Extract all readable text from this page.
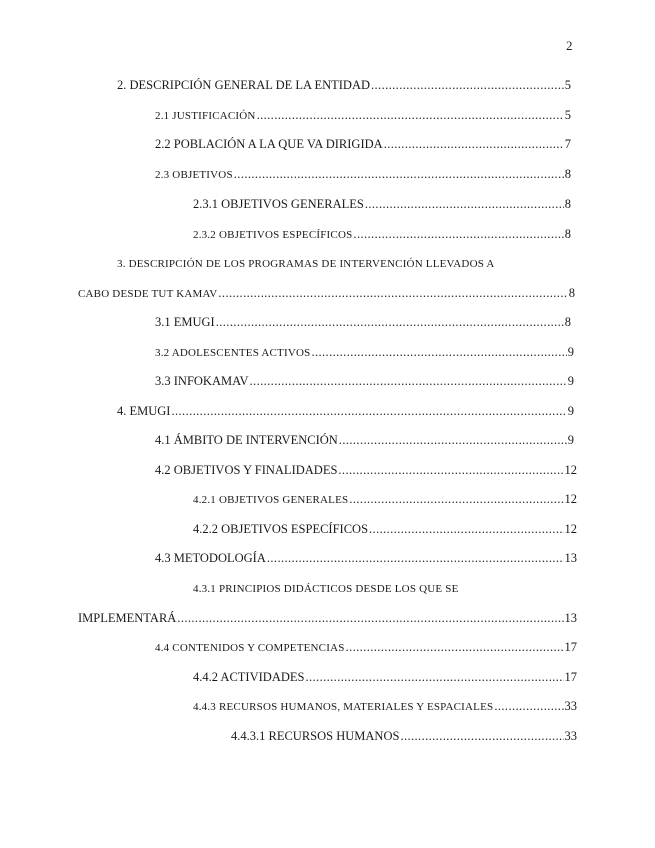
2
2. DESCRIPCIÓN GENERAL DE LA ENTIDAD .....	5
2.1 JUSTIFICACIÓN .....	5
2.2 POBLACIÓN A LA QUE VA DIRIGIDA .....	7
2.3 OBJETIVOS .....	8
2.3.1 OBJETIVOS GENERALES .....	8
2.3.2 OBJETIVOS ESPECÍFICOS .....	8
3. DESCRIPCIÓN DE LOS PROGRAMAS DE INTERVENCIÓN LLEVADOS A
CABO DESDE TUT KAMAV .....	8
3.1 EMUGI .....	8
3.2 ADOLESCENTES ACTIVOS .....	9
3.3 INFOKAMAV .....	9
4. EMUGI .....	9
4.1 ÁMBITO DE INTERVENCIÓN .....	9
4.2 OBJETIVOS Y FINALIDADES .....	12
4.2.1 OBJETIVOS GENERALES .....	12
4.2.2 OBJETIVOS ESPECÍFICOS .....	12
4.3 METODOLOGÍA .....	13
4.3.1 PRINCIPIOS DIDÁCTICOS DESDE LOS QUE SE
IMPLEMENTARÁ .....	13
4.4 CONTENIDOS Y COMPETENCIAS .....	17
4.4.2 ACTIVIDADES .....	17
4.4.3 RECURSOS HUMANOS, MATERIALES Y ESPACIALES .....	33
4.4.3.1 RECURSOS HUMANOS .....	33
